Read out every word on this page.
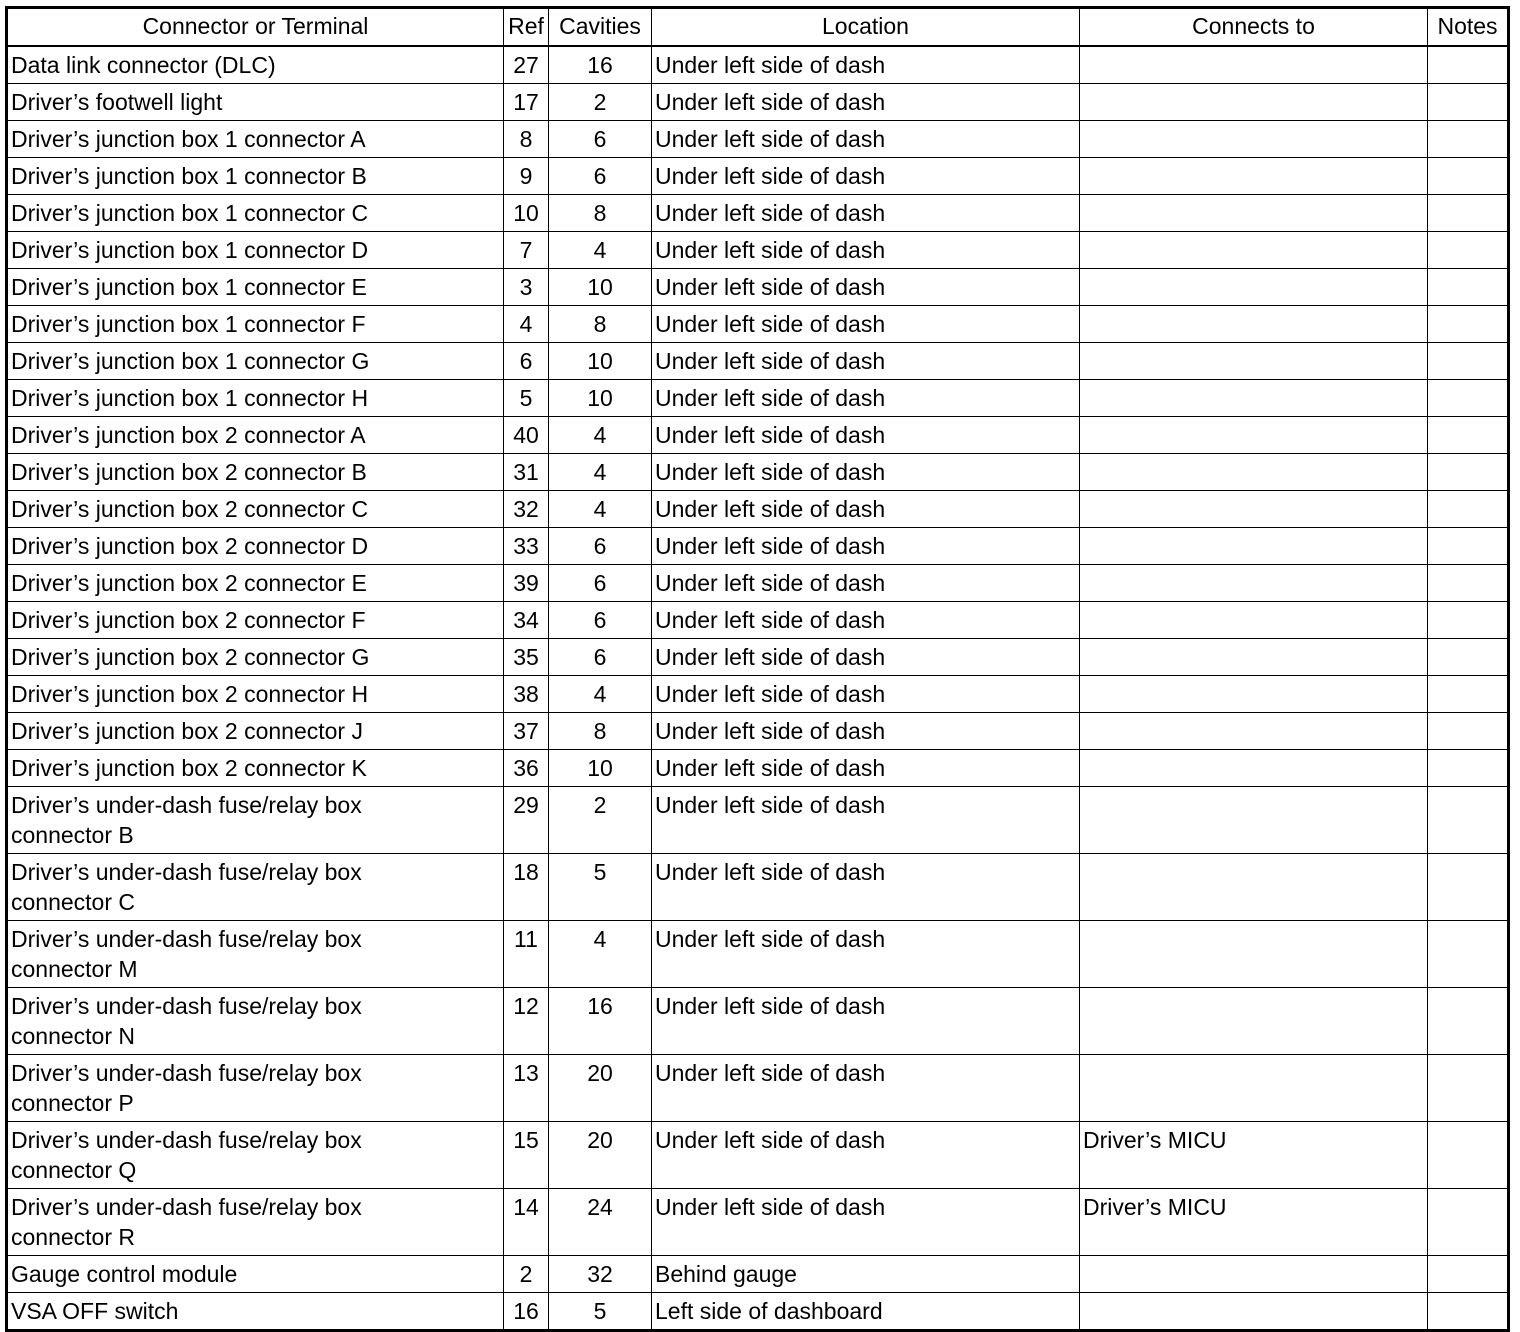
Connector or Terminal	Ref	Cavities	Location	Connects to	Notes

Data link connector (DLC)	27	16	Under left side of dash		

Driver’s footwell light	17	2	Under left side of dash		

Driver’s junction box 1 connector A	8	6	Under left side of dash		

Driver’s junction box 1 connector B	9	6	Under left side of dash		

Driver’s junction box 1 connector C	10	8	Under left side of dash		

Driver’s junction box 1 connector D	7	4	Under left side of dash		

Driver’s junction box 1 connector E	3	10	Under left side of dash		

Driver’s junction box 1 connector F	4	8	Under left side of dash		

Driver’s junction box 1 connector G	6	10	Under left side of dash		

Driver’s junction box 1 connector H	5	10	Under left side of dash		

Driver’s junction box 2 connector A	40	4	Under left side of dash		

Driver’s junction box 2 connector B	31	4	Under left side of dash		

Driver’s junction box 2 connector C	32	4	Under left side of dash		

Driver’s junction box 2 connector D	33	6	Under left side of dash		

Driver’s junction box 2 connector E	39	6	Under left side of dash		

Driver’s junction box 2 connector F	34	6	Under left side of dash		

Driver’s junction box 2 connector G	35	6	Under left side of dash		

Driver’s junction box 2 connector H	38	4	Under left side of dash		

Driver’s junction box 2 connector J	37	8	Under left side of dash		

Driver’s junction box 2 connector K	36	10	Under left side of dash		

Driver’s under-dash fuse/relay box connector B	29	2	Under left side of dash		

Driver’s under-dash fuse/relay box connector C	18	5	Under left side of dash		

Driver’s under-dash fuse/relay box connector M	11	4	Under left side of dash		

Driver’s under-dash fuse/relay box connector N	12	16	Under left side of dash		

Driver’s under-dash fuse/relay box connector P	13	20	Under left side of dash		

Driver’s under-dash fuse/relay box connector Q	15	20	Under left side of dash	Driver’s MICU	

Driver’s under-dash fuse/relay box connector R	14	24	Under left side of dash	Driver’s MICU	

Gauge control module	2	32	Behind gauge		

VSA OFF switch	16	5	Left side of dashboard		
